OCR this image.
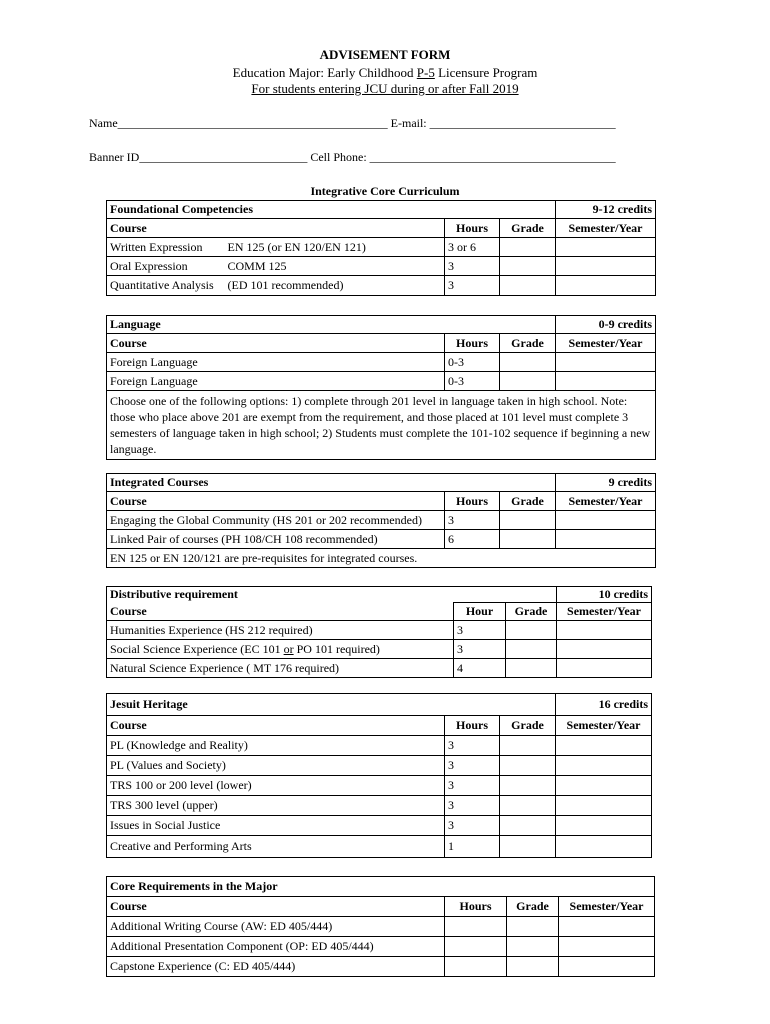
ADVISEMENT FORM
Education Major: Early Childhood P-5 Licensure Program
For students entering JCU during or after Fall 2019
Name_____________________________________________ E-mail: _______________________________
Banner ID____________________________ Cell Phone: _________________________________________
Integrative Core Curriculum
Foundational Competencies				9-12 credits
Course		Hours	Grade	Semester/Year
Written Expression	EN 125 (or EN 120/EN 121)	3 or 6		
Oral Expression	COMM 125	3		
Quantitative Analysis	(ED 101 recommended)	3		
Language			0-9 credits
Course	Hours	Grade	Semester/Year
Foreign Language	0-3		
Foreign Language	0-3		
Choose one of the following options: 1) complete through 201 level in language taken in high school. Note: those who place above 201 are exempt from the requirement, and those placed at 101 level must complete 3 semesters of language taken in high school; 2) Students must complete the 101-102 sequence if beginning a new language.			
Integrated Courses			9 credits
Course	Hours	Grade	Semester/Year
Engaging the Global Community (HS 201 or 202 recommended)	3		
Linked Pair of courses (PH 108/CH 108 recommended)	6		
EN 125 or EN 120/121 are pre-requisites for integrated courses.			
Distributive requirement			10 credits
Course	Hour	Grade	Semester/Year
Humanities Experience (HS 212 required)	3		
Social Science Experience (EC 101 or PO 101 required)	3		
Natural Science Experience ( MT 176 required)	4		
Jesuit Heritage			16 credits
Course	Hours	Grade	Semester/Year
PL (Knowledge and Reality)	3		
PL (Values and Society)	3		
TRS 100 or 200 level (lower)	3		
TRS 300 level (upper)	3		
Issues in Social Justice	3		
Creative and Performing Arts	1		
Core Requirements in the Major			
Course	Hours	Grade	Semester/Year
Additional Writing Course (AW: ED 405/444)			
Additional Presentation Component (OP: ED 405/444)			
Capstone Experience (C: ED 405/444)			
